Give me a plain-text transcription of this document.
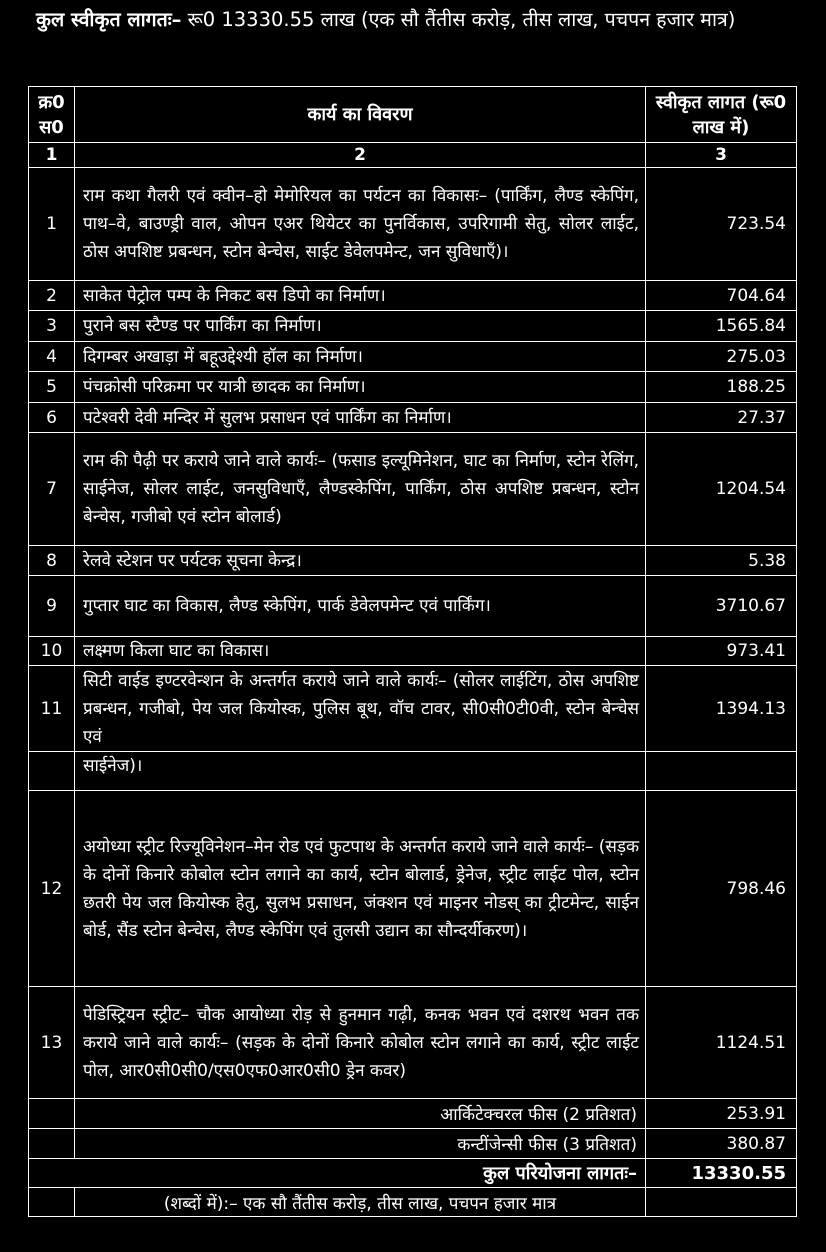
कुल स्वीकृत लागतः– रू0 13330.55 लाख (एक सौ तैंतीस करोड़, तीस लाख, पचपन हजार मात्र)
क्र0 स0	कार्य का विवरण	स्वीकृत लागत (रू0 लाख में)
1	2	3
1	राम कथा गैलरी एवं क्वीन–हो मेमोरियल का पर्यटन का विकासः– (पार्किंग, लैण्ड स्केपिंग, पाथ–वे, बाउण्ड्री वाल, ओपन एअर थियेटर का पुनर्विकास, उपरिगामी सेतु, सोलर लाईट, ठोस अपशिष्ट प्रबन्धन, स्टोन बेन्चेस, साईट डेवेलपमेन्ट, जन सुविधाएँ)।	723.54
2	साकेत पेट्रोल पम्प के निकट बस डिपो का निर्माण।	704.64
3	पुराने बस स्टैण्ड पर पार्किंग का निर्माण।	1565.84
4	दिगम्बर अखाड़ा में बहूउद्देश्यी हॉल का निर्माण।	275.03
5	पंचक्रोसी परिक्रमा पर यात्री छादक का निर्माण।	188.25
6	पटेश्वरी देवी मन्दिर में सुलभ प्रसाधन एवं पार्किंग का निर्माण।	27.37
7	राम की पैढ़ी पर कराये जाने वाले कार्यः– (फसाड इल्यूमिनेशन, घाट का निर्माण, स्टोन रेलिंग, साईनेज, सोलर लाईट, जनसुविधाएँ, लैण्डस्केपिंग, पार्किंग, ठोस अपशिष्ट प्रबन्धन, स्टोन बेन्चेस, गजीबो एवं स्टोन बोलार्ड)	1204.54
8	रेलवे स्टेशन पर पर्यटक सूचना केन्द्र।	5.38
9	गुप्तार घाट का विकास, लैण्ड स्केपिंग, पार्क डेवेलपमेन्ट एवं पार्किंग।	3710.67
10	लक्ष्मण किला घाट का विकास।	973.41
11	सिटी वाईड इण्टरवेन्शन के अन्तर्गत कराये जाने वाले कार्यः– (सोलर लाईटिंग, ठोस अपशिष्ट प्रबन्धन, गजीबो, पेय जल कियोस्क, पुलिस बूथ, वॉच टावर, सी0सी0टी0वी, स्टोन बेन्चेस एवं	1394.13
	साईनेज)।	
12	अयोध्या स्ट्रीट रिज्यूविनेशन–मेन रोड एवं फुटपाथ के अन्तर्गत कराये जाने वाले कार्यः– (सड़क के दोनों किनारे कोबोल स्टोन लगाने का कार्य, स्टोन बोलार्ड, ड्रेनेज, स्ट्रीट लाईट पोल, स्टोन छतरी पेय जल कियोस्क हेतु, सुलभ प्रसाधन, जंक्शन एवं माइनर नोडस् का ट्रीटमेन्ट, साईन बोर्ड, सैंड स्टोन बेन्चेस, लैण्ड स्केपिंग एवं तुलसी उद्यान का सौन्दर्यीकरण)।	798.46
13	पेडिस्ट्रियन स्ट्रीट– चौक आयोध्या रोड़ से हुनमान गढ़ी, कनक भवन एवं दशरथ भवन तक कराये जाने वाले कार्यः– (सड़क के दोनों किनारे कोबोल स्टोन लगाने का कार्य, स्ट्रीट लाईट पोल, आर0सी0सी0/एस0एफ0आर0सी0 ड्रेन कवर)	1124.51
	आर्किटेक्चरल फीस (2 प्रतिशत)	253.91
	कन्टींजेन्सी फीस (3 प्रतिशत)	380.87
कुल परियोजना लागतः–		13330.55
	(शब्दों में):– एक सौ तैंतीस करोड़, तीस लाख, पचपन हजार मात्र	
